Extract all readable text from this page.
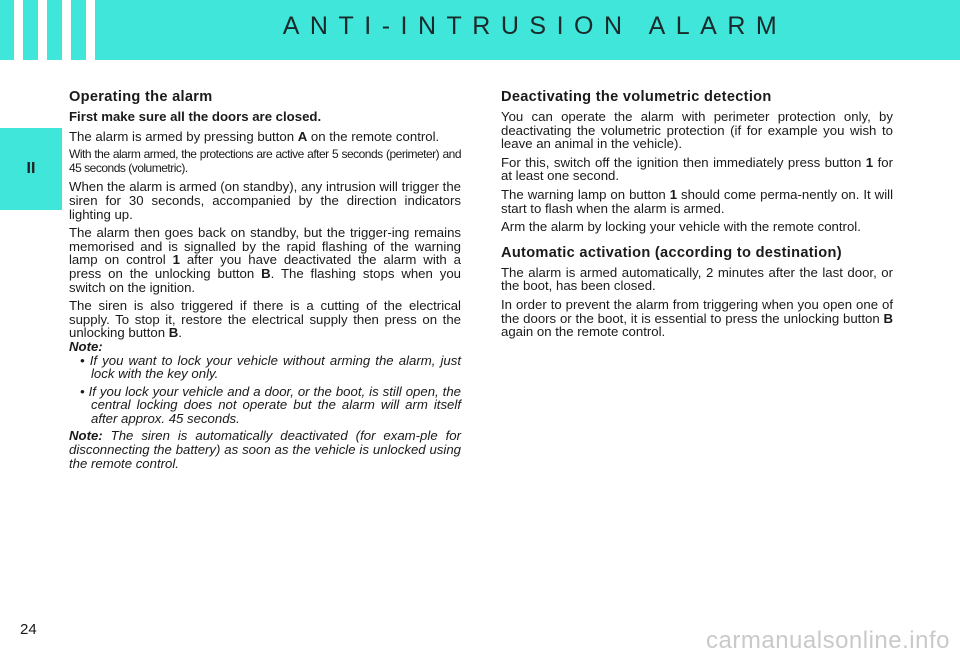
ANTI-INTRUSION ALARM
II
Operating the alarm

First make sure all the doors are closed.

The alarm is armed by pressing button A on the remote control.

With the alarm armed, the protections are active after 5 seconds (perimeter) and 45 seconds (volumetric).

When the alarm is armed (on standby), any intrusion will trigger the siren for 30 seconds, accompanied by the direction indicators lighting up.

The alarm then goes back on standby, but the trigger-ing remains memorised and is signalled by the rapid flashing of the warning lamp on control 1 after you have deactivated the alarm with a press on the unlocking button B. The flashing stops when you switch on the ignition.

The siren is also triggered if there is a cutting of the electrical supply. To stop it, restore the electrical supply then press on the unlocking button B.

Note:

• If you want to lock your vehicle without arming the alarm, just lock with the key only.

• If you lock your vehicle and a door, or the boot, is still open, the central locking does not operate but the alarm will arm itself after approx. 45 seconds.

Note: The siren is automatically deactivated (for exam-ple for disconnecting the battery) as soon as the vehicle is unlocked using the remote control.

Deactivating the volumetric detection

You can operate the alarm with perimeter protection only, by deactivating the volumetric protection (if for example you wish to leave an animal in the vehicle).

For this, switch off the ignition then immediately press button 1 for at least one second.

The warning lamp on button 1 should come perma-nently on. It will start to flash when the alarm is armed.

Arm the alarm by locking your vehicle with the remote control.

Automatic activation (according to destination)

The alarm is armed automatically, 2 minutes after the last door, or the boot, has been closed.

In order to prevent the alarm from triggering when you open one of the doors or the boot, it is essential to press the unlocking button B again on the remote control.

24	carmanualsonline.info
